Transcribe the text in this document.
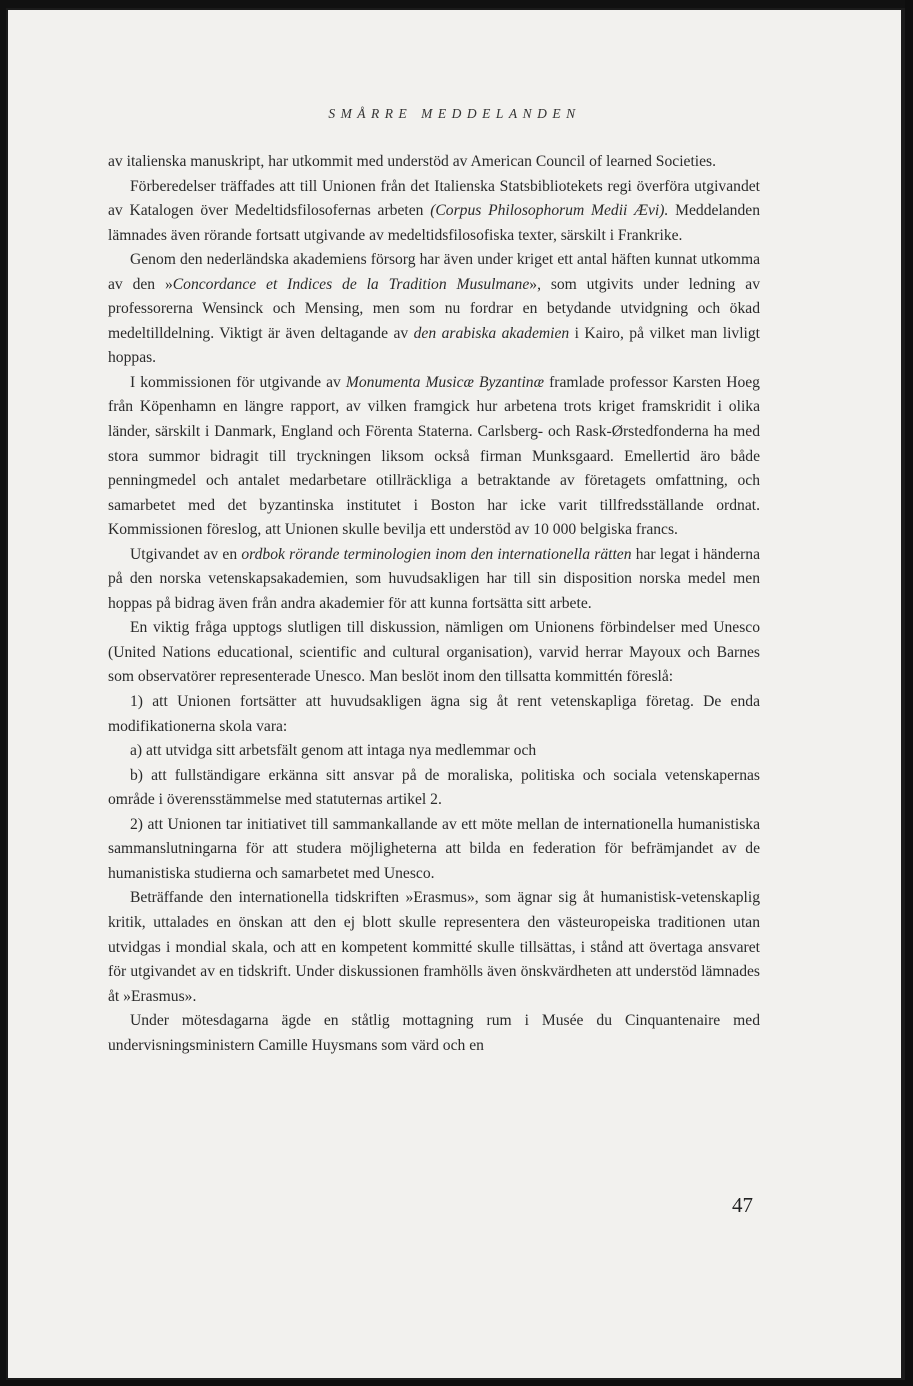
SMÅRRE MEDDELANDEN

av italienska manuskript, har utkommit med understöd av American Council of learned Societies.

Förberedelser träffades att till Unionen från det Italienska Statsbibliotekets regi överföra utgivandet av Katalogen över Medeltidsfilosofernas arbeten (Corpus Philosophorum Medii Ævi). Meddelanden lämnades även rörande fortsatt utgivande av medeltidsfilosofiska texter, särskilt i Frankrike.

Genom den nederländska akademiens försorg har även under kriget ett antal häften kunnat utkomma av den »Concordance et Indices de la Tradition Musulmane», som utgivits under ledning av professorerna Wensinck och Mensing, men som nu fordrar en betydande utvidgning och ökad medeltilldelning. Viktigt är även deltagande av den arabiska akademien i Kairo, på vilket man livligt hoppas.

I kommissionen för utgivande av Monumenta Musicæ Byzantinæ framlade professor Karsten Hoeg från Köpenhamn en längre rapport, av vilken framgick hur arbetena trots kriget framskridit i olika länder, särskilt i Danmark, England och Förenta Staterna. Carlsberg- och Rask-Ørstedfonderna ha med stora summor bidragit till tryckningen liksom också firman Munksgaard. Emellertid äro både penningmedel och antalet medarbetare otillräckliga a betraktande av företagets omfattning, och samarbetet med det byzantinska institutet i Boston har icke varit tillfredsställande ordnat. Kommissionen föreslog, att Unionen skulle bevilja ett understöd av 10 000 belgiska francs.

Utgivandet av en ordbok rörande terminologien inom den internationella rätten har legat i händerna på den norska vetenskapsakademien, som huvudsakligen har till sin disposition norska medel men hoppas på bidrag även från andra akademier för att kunna fortsätta sitt arbete.

En viktig fråga upptogs slutligen till diskussion, nämligen om Unionens förbindelser med Unesco (United Nations educational, scientific and cultural organisation), varvid herrar Mayoux och Barnes som observatörer representerade Unesco. Man beslöt inom den tillsatta kommittén föreslå:

1) att Unionen fortsätter att huvudsakligen ägna sig åt rent vetenskapliga företag. De enda modifikationerna skola vara:

a) att utvidga sitt arbetsfält genom att intaga nya medlemmar och

b) att fullständigare erkänna sitt ansvar på de moraliska, politiska och sociala vetenskapernas område i överensstämmelse med statuternas artikel 2.

2) att Unionen tar initiativet till sammankallande av ett möte mellan de internationella humanistiska sammanslutningarna för att studera möjligheterna att bilda en federation för befrämjandet av de humanistiska studierna och samarbetet med Unesco.

Beträffande den internationella tidskriften »Erasmus», som ägnar sig åt humanistisk-vetenskaplig kritik, uttalades en önskan att den ej blott skulle representera den västeuropeiska traditionen utan utvidgas i mondial skala, och att en kompetent kommitté skulle tillsättas, i stånd att övertaga ansvaret för utgivandet av en tidskrift. Under diskussionen framhölls även önskvärdheten att understöd lämnades åt »Erasmus».

Under mötesdagarna ägde en ståtlig mottagning rum i Musée du Cinquantenaire med undervisningsministern Camille Huysmans som värd och en

47
